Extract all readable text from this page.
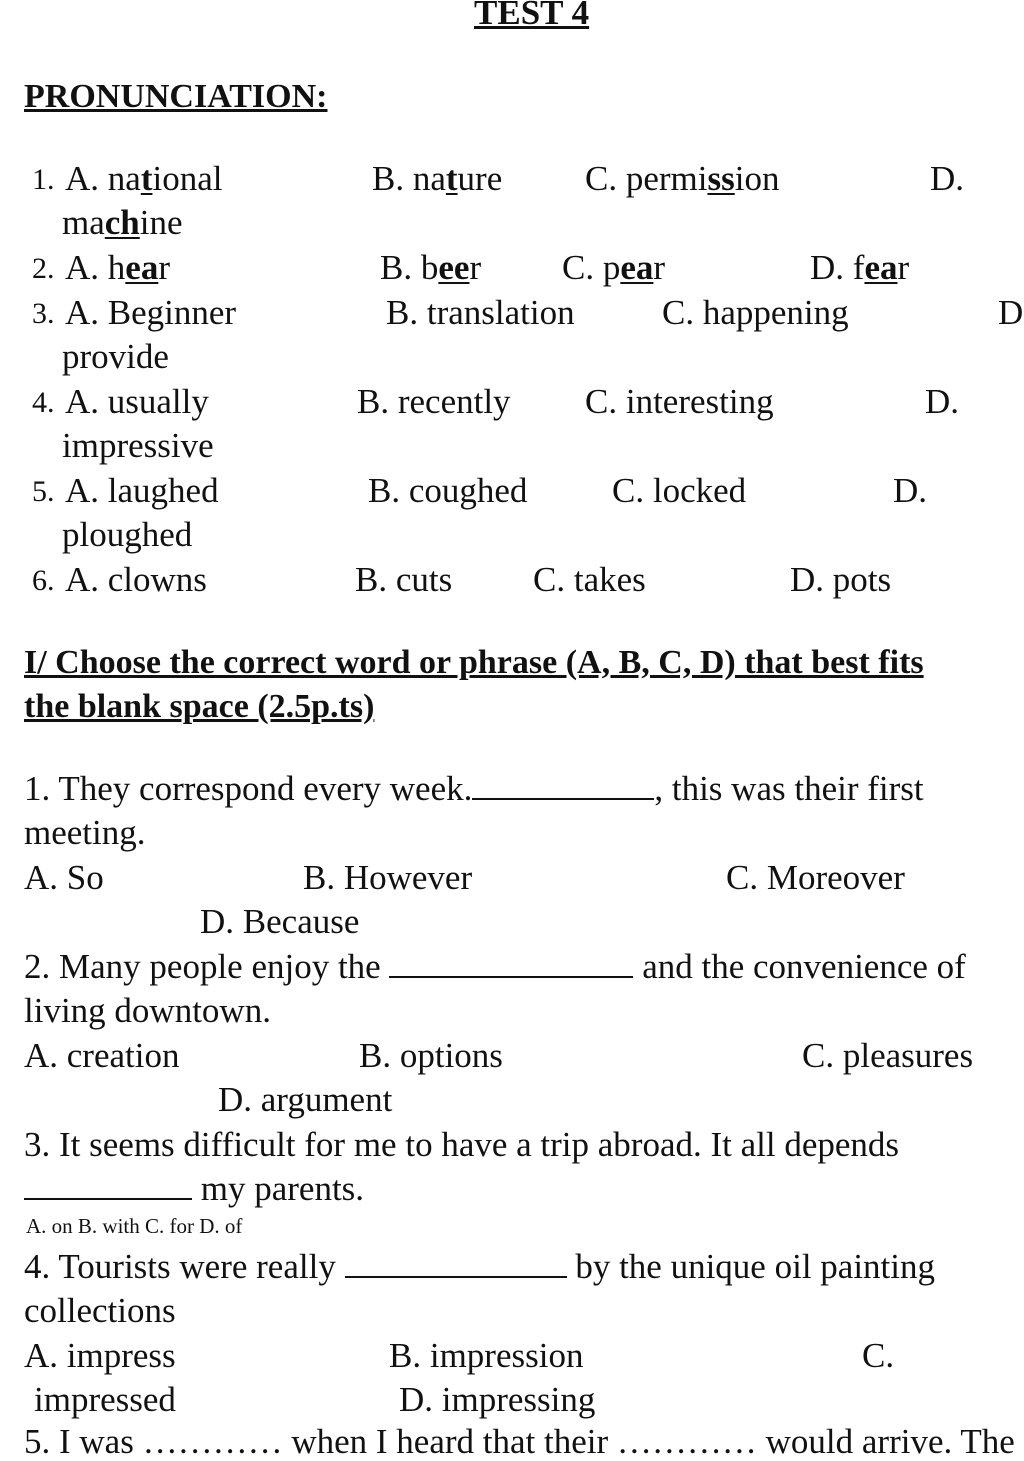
TEST 4
PRONUNCIATION:
1. A. national	B. nature C. permission	D.
machine
2. A. hear	B. beer C. pear	D. fear
3. A. Beginner	B. translation C. happening	D
provide
4. A. usually	B. recently C. interesting	D.
impressive
5. A. laughed	B. coughed C. locked	D.
ploughed
6. A. clowns	B. cuts C. takes	D. pots
I/ Choose the correct word or phrase (A, B, C, D) that best fits
the blank space (2.5p.ts)
1. They correspond every week.	, this was their first
meeting.
A. So	B. However	C. Moreover
D. Because
2. Many people enjoy the	and the convenience of
living downtown.
A. creation	B. options	C. pleasures
D. argument
3. It seems difficult for me to have a trip abroad. It all depends
my parents.
A. on B. with C. for D. of
4. Tourists were really	by the unique oil painting
collections
A. impress	B. impression	C.
impressed	D. impressing
5. I was ………… when I heard that their ………… would arrive. The
